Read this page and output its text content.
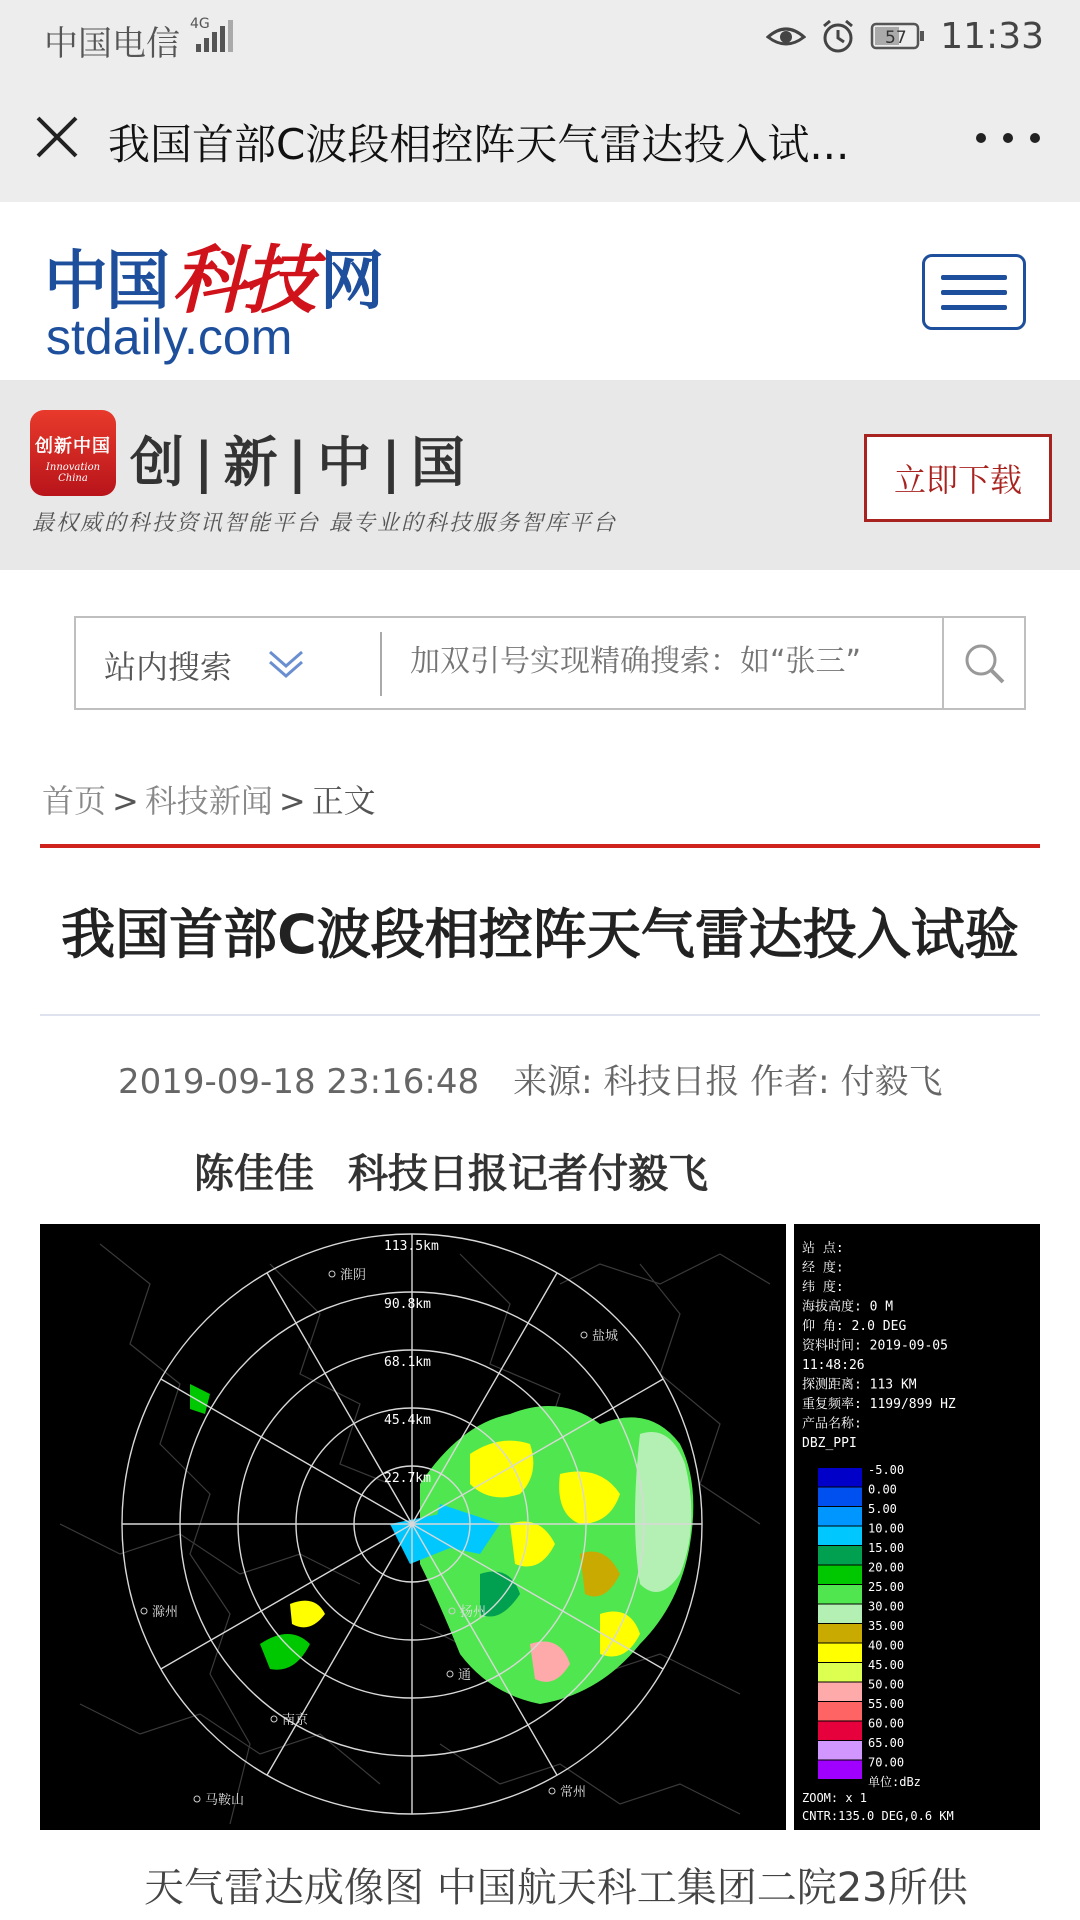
中国电信 4G
57 11:33
我国首部C波段相控阵天气雷达投入试...
中国 科技 网
stdaily.com
创新中国
Innovation China 创|新|中|国
最权威的科技资讯智能平台 最专业的科技服务智库平台
立即下载
站内搜索
加双引号实现精确搜索：如“张三”
首页 > 科技新闻 > 正文
我国首部C波段相控阵天气雷达投入试验
2019-09-18 23:16:48 来源: 科技日报 作者: 付毅飞
陈佳佳 科技日报记者付毅飞
站 点:
经 度:
纬 度:
海拔高度: 0 M
仰 角: 2.0 DEG
资料时间: 2019-09-05
11:48:26
探测距离: 113 KM
重复频率: 1199/899 HZ
产品名称:
DBZ_PPI
-5.00
0.00
5.00
10.00
15.00
20.00
25.00
30.00
35.00
40.00
45.00
50.00
55.00
60.00
65.00
70.00
单位:dBz
ZOOM: x 1
CNTR:135.0 DEG,0.6 KM
113.5km
90.8km
68.1km
45.4km
22.7km
淮阴
盐城
扬州
滁州
南京
马鞍山
常州
通
天气雷达成像图 中国航天科工集团二院23所供
